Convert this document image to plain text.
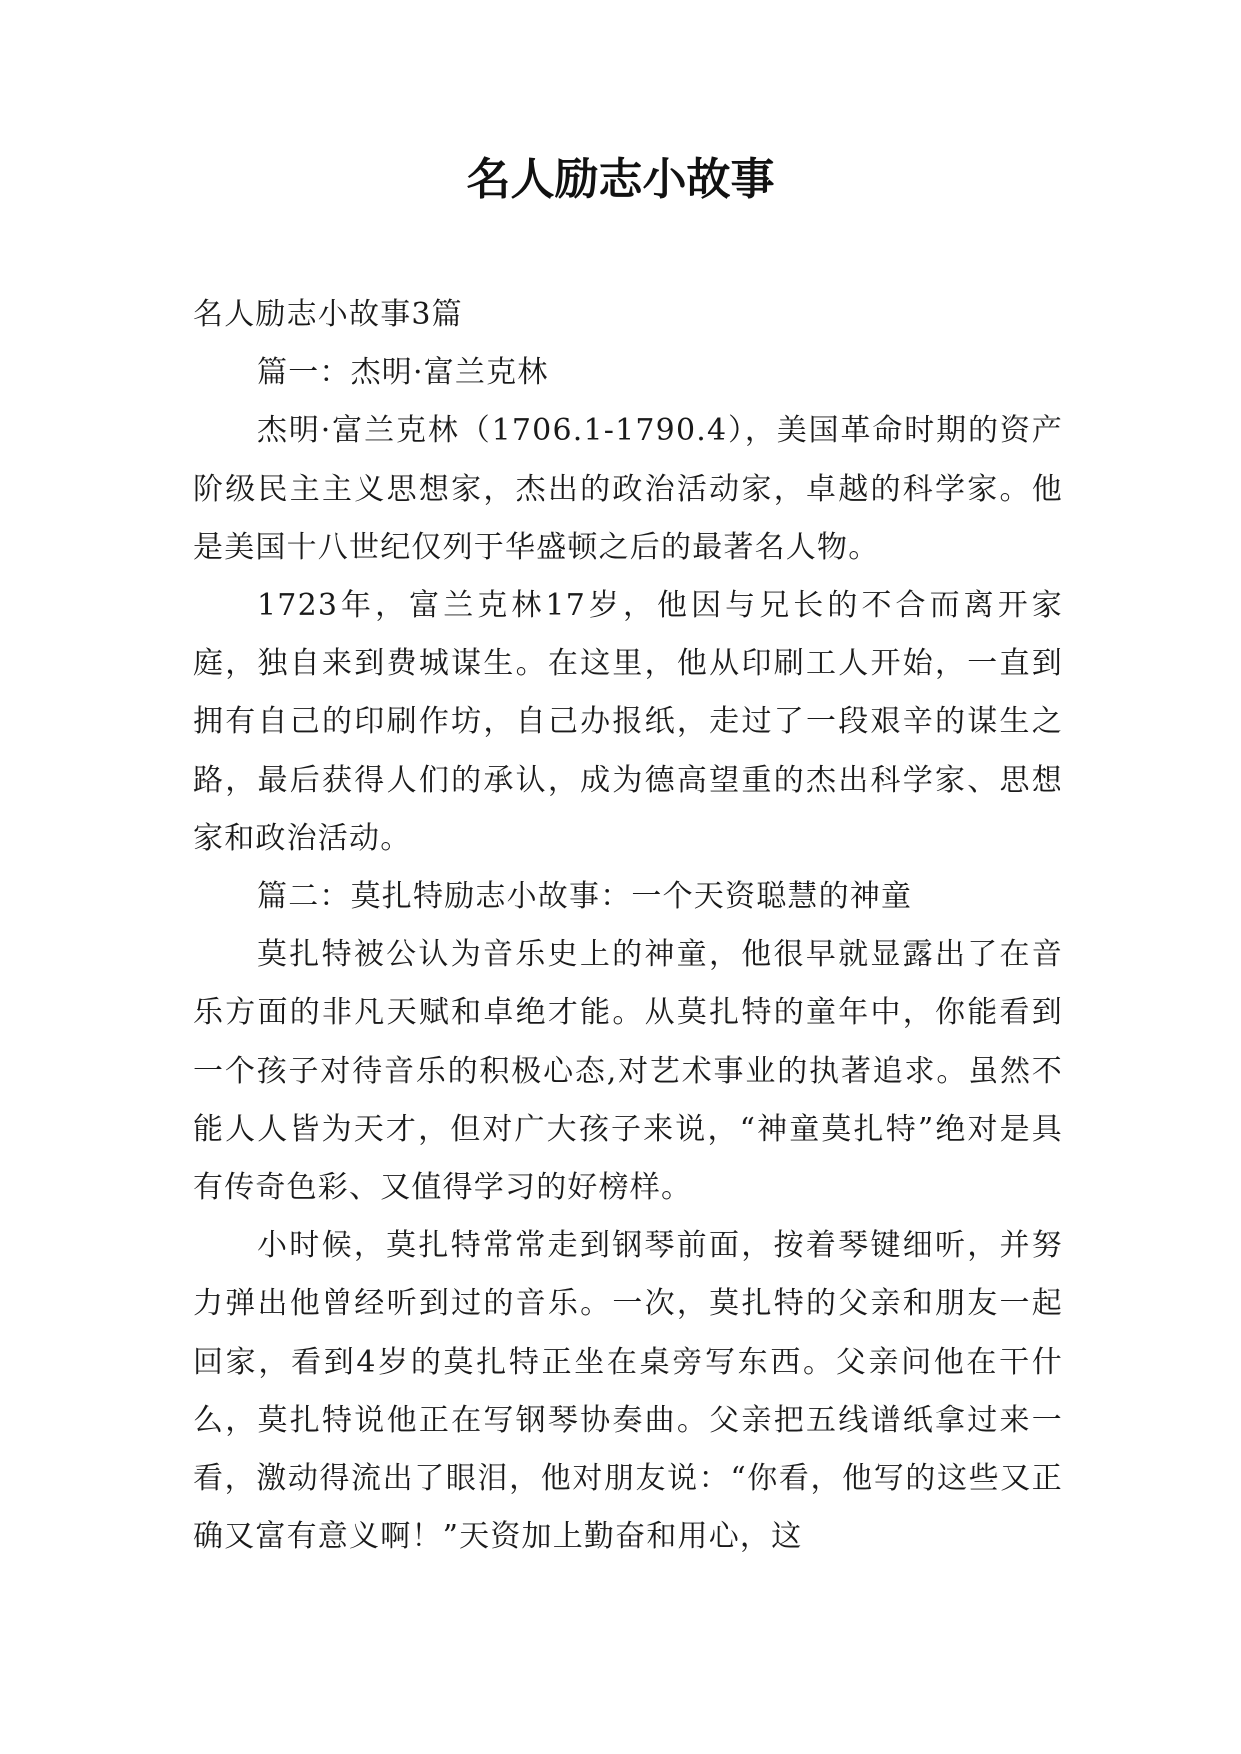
名人励志小故事

名人励志小故事3篇

篇一：杰明·富兰克林

杰明·富兰克林（1706.1-1790.4），美国革命时期的资产阶级民主主义思想家，杰出的政治活动家，卓越的科学家。他是美国十八世纪仅列于华盛顿之后的最著名人物。

1723年，富兰克林17岁，他因与兄长的不合而离开家庭，独自来到费城谋生。在这里，他从印刷工人开始，一直到拥有自己的印刷作坊，自己办报纸，走过了一段艰辛的谋生之路，最后获得人们的承认，成为德高望重的杰出科学家、思想家和政治活动。

篇二：莫扎特励志小故事：一个天资聪慧的神童

莫扎特被公认为音乐史上的神童，他很早就显露出了在音乐方面的非凡天赋和卓绝才能。从莫扎特的童年中，你能看到一个孩子对待音乐的积极心态,对艺术事业的执著追求。虽然不能人人皆为天才，但对广大孩子来说，“神童莫扎特”绝对是具有传奇色彩、又值得学习的好榜样。

小时候，莫扎特常常走到钢琴前面，按着琴键细听，并努力弹出他曾经听到过的音乐。一次，莫扎特的父亲和朋友一起回家，看到4岁的莫扎特正坐在桌旁写东西。父亲问他在干什么，莫扎特说他正在写钢琴协奏曲。父亲把五线谱纸拿过来一看，激动得流出了眼泪，他对朋友说：“你看，他写的这些又正确又富有意义啊！”天资加上勤奋和用心，这
